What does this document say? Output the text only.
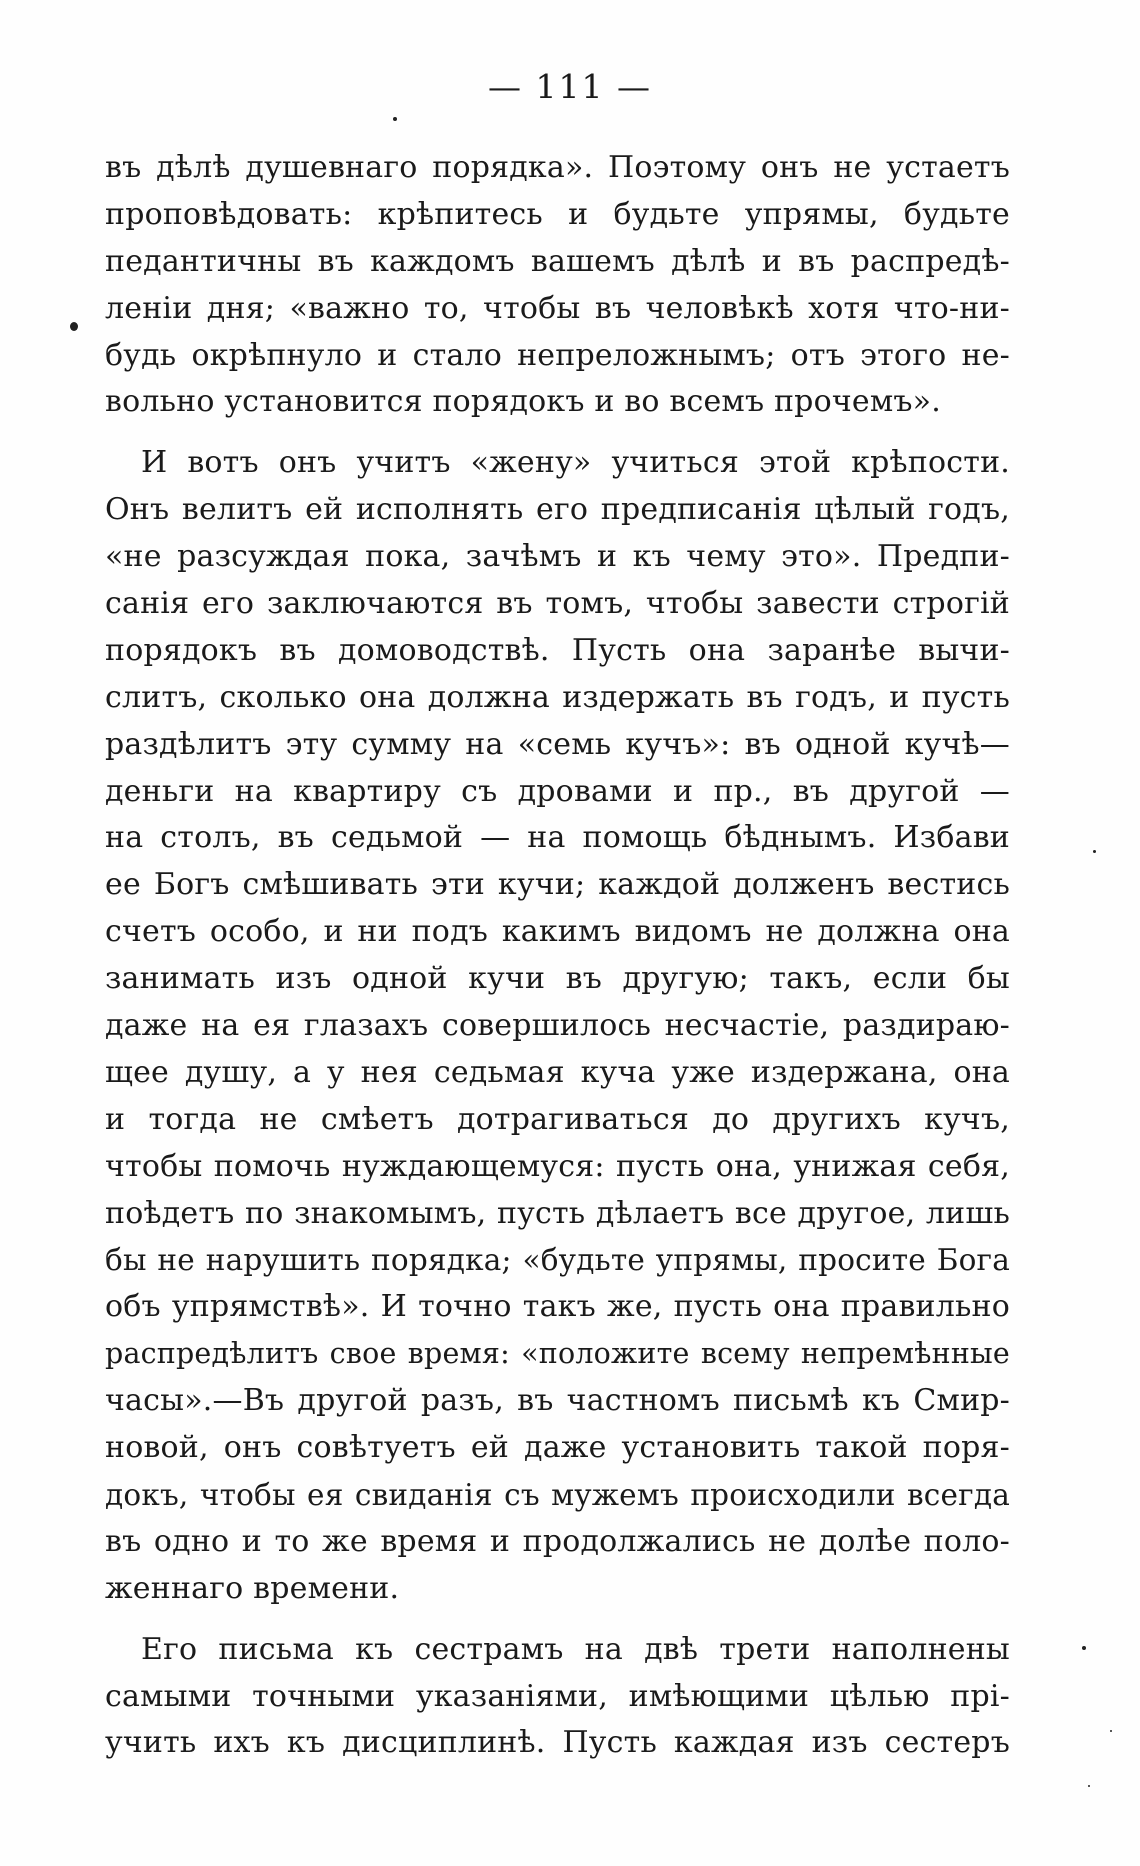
— 111 —
въ дѣлѣ душевнаго порядка». Поэтому онъ не устаетъ
проповѣдовать: крѣпитесь и будьте упрямы, будьте
педантичны въ каждомъ вашемъ дѣлѣ и въ распредѣ-
леніи дня; «важно то, чтобы въ человѣкѣ хотя что-ни-
будь окрѣпнуло и стало непреложнымъ; отъ этого не-
вольно установится порядокъ и во всемъ прочемъ».
И вотъ онъ учитъ «жену» учиться этой крѣпости.
Онъ велитъ ей исполнять его предписанія цѣлый годъ,
«не разсуждая пока, зачѣмъ и къ чему это». Предпи-
санія его заключаются въ томъ, чтобы завести строгій
порядокъ въ домоводствѣ. Пусть она заранѣе вычи-
слитъ, сколько она должна издержать въ годъ, и пусть
раздѣлитъ эту сумму на «семь кучъ»: въ одной кучѣ—
деньги на квартиру съ дровами и пр., въ другой —
на столъ, въ седьмой — на помощь бѣднымъ. Избави
ее Богъ смѣшивать эти кучи; каждой долженъ вестись
счетъ особо, и ни подъ какимъ видомъ не должна она
занимать изъ одной кучи въ другую; такъ, если бы
даже на ея глазахъ совершилось несчастіе, раздираю-
щее душу, а у нея седьмая куча уже издержана, она
и тогда не смѣетъ дотрагиваться до другихъ кучъ,
чтобы помочь нуждающемуся: пусть она, унижая себя,
поѣдетъ по знакомымъ, пусть дѣлаетъ все другое, лишь
бы не нарушить порядка; «будьте упрямы, просите Бога
объ упрямствѣ». И точно такъ же, пусть она правильно
распредѣлитъ свое время: «положите всему непремѣнные
часы».—Въ другой разъ, въ частномъ письмѣ къ Смир-
новой, онъ совѣтуетъ ей даже установить такой поря-
докъ, чтобы ея свиданія съ мужемъ происходили всегда
въ одно и то же время и продолжались не долѣе поло-
женнаго времени.
Его письма къ сестрамъ на двѣ трети наполнены
самыми точными указаніями, имѣющими цѣлью прі-
учить ихъ къ дисциплинѣ. Пусть каждая изъ сестеръ
